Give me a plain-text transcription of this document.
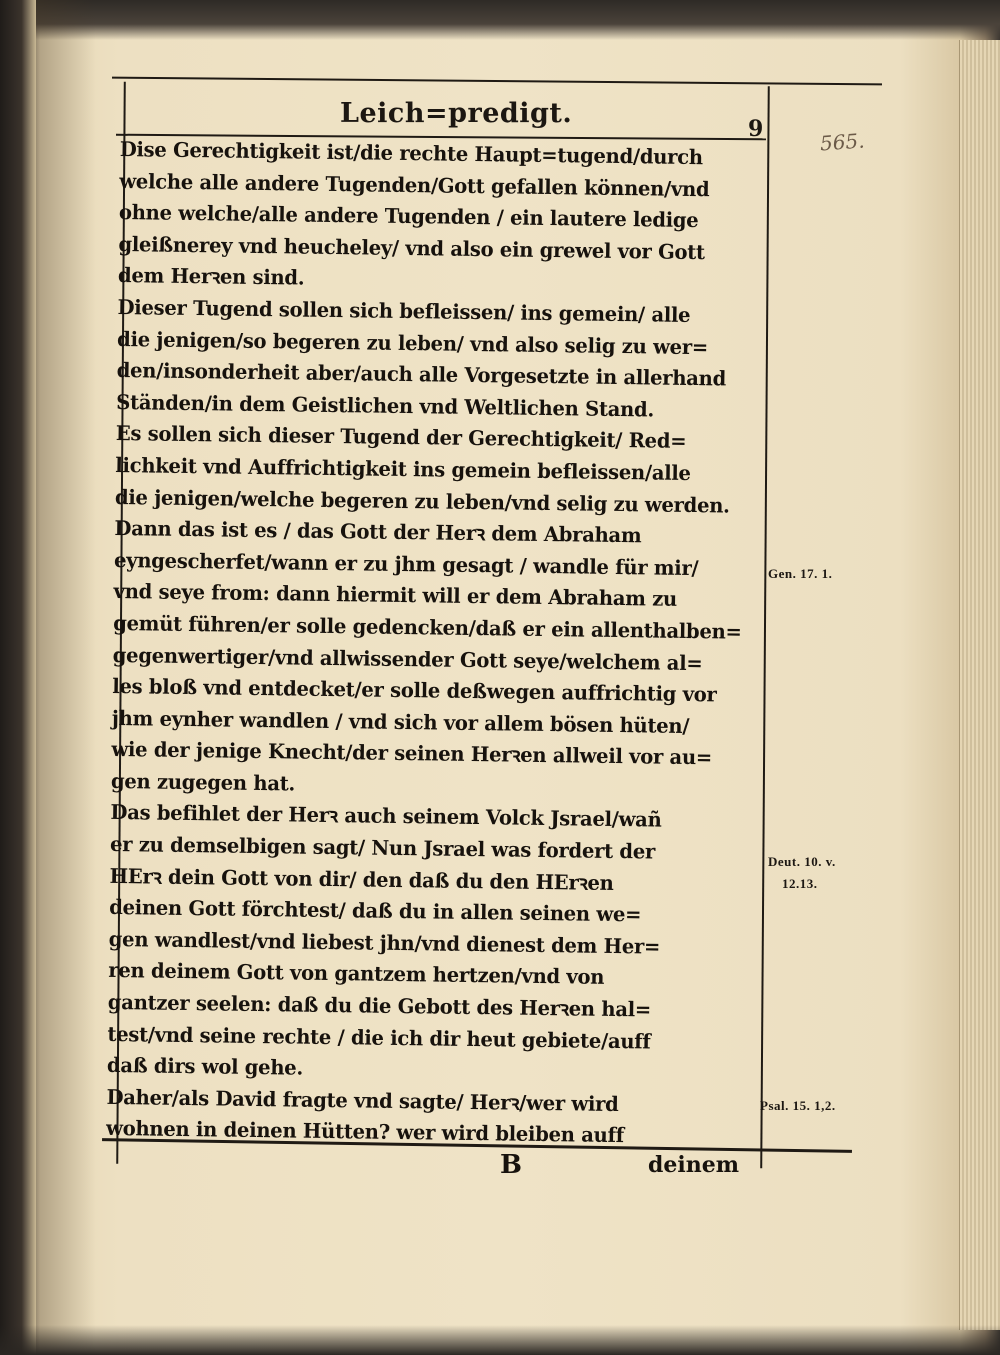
Leich=predigt.	9	565.
Dise Gerechtigkeit ist/die rechte Haupt=tugend/durch
welche alle andere Tugenden/Gott gefallen können/vnd
ohne welche/alle andere Tugenden / ein lautere ledige
gleißnerey vnd heucheley/ vnd also ein grewel vor Gott
dem Herꝛen sind.
Dieser Tugend sollen sich befleissen/ ins gemein/ alle
die jenigen/so begeren zu leben/ vnd also selig zu wer=
den/insonderheit aber/auch alle Vorgesetzte in allerhand
Ständen/in dem Geistlichen vnd Weltlichen Stand.
Es sollen sich dieser Tugend der Gerechtigkeit/ Red=
lichkeit vnd Auffrichtigkeit ins gemein befleissen/alle
die jenigen/welche begeren zu leben/vnd selig zu werden.
Dann das ist es / das Gott der Herꝛ dem Abraham
eyngescherfet/wann er zu jhm gesagt / wandle für mir/
vnd seye from: dann hiermit will er dem Abraham zu
gemüt führen/er solle gedencken/daß er ein allenthalben=
gegenwertiger/vnd allwissender Gott seye/welchem al=
les bloß vnd entdecket/er solle deßwegen auffrichtig vor
jhm eynher wandlen / vnd sich vor allem bösen hüten/
wie der jenige Knecht/der seinen Herꝛen allweil vor au=
gen zugegen hat.
Das befihlet der Herꝛ auch seinem Volck Jsrael/wañ
er zu demselbigen sagt/ Nun Jsrael was fordert der
HErꝛ dein Gott von dir/ den daß du den HErꝛen
deinen Gott förchtest/ daß du in allen seinen we=
gen wandlest/vnd liebest jhn/vnd dienest dem Her=
ren deinem Gott von gantzem hertzen/vnd von
gantzer seelen: daß du die Gebott des Herꝛen hal=
test/vnd seine rechte / die ich dir heut gebiete/auff
daß dirs wol gehe.
Daher/als David fragte vnd sagte/ Herꝛ/wer wird
wohnen in deinen Hütten? wer wird bleiben auff
B	deinem
Gen. 17. 1.
Deut. 10. v.
12.13.
Psal. 15. 1,2.
